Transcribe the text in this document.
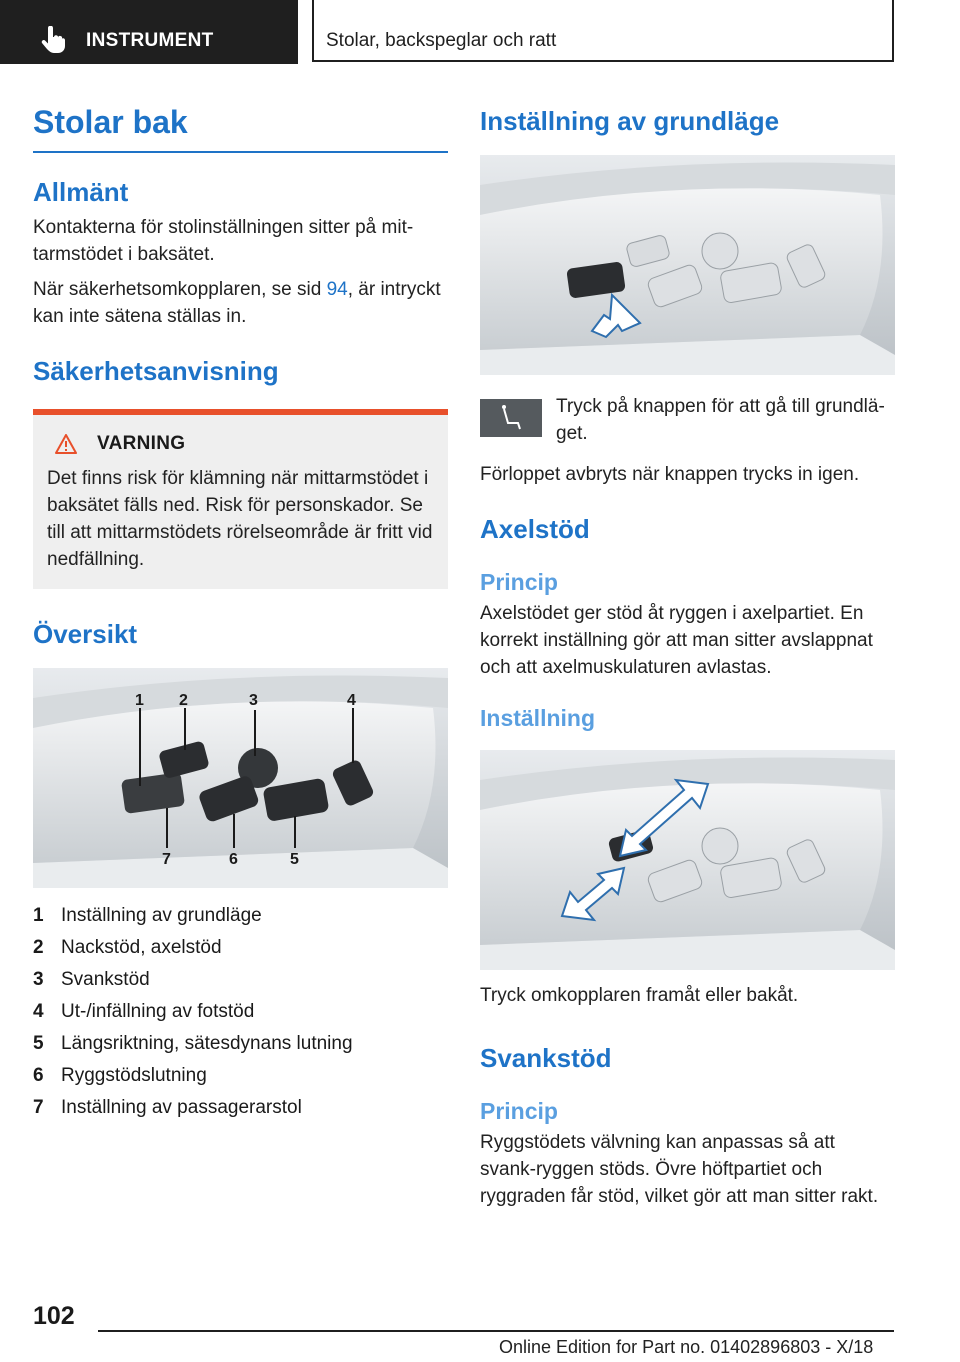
INSTRUMENT	Stolar, backspeglar och ratt
Stolar bak
Allmänt

Kontakterna för stolinställningen sitter på mit-tarmstödet i baksätet.

När säkerhetsomkopplaren, se sid 94, är intryckt kan inte sätena ställas in.

Säkerhetsanvisning
VARNING

Det finns risk för klämning när mittarmstödet i baksätet fälls ned. Risk för personskador. Se till att mittarmstödets rörelseområde är fritt vid nedfällning.

Översikt
1 2	3	4
7	6	5
1 Inställning av grundläge
2 Nackstöd, axelstöd
3 Svankstöd
4 Ut-/infällning av fotstöd
5 Längsriktning, sätesdynans lutning
6 Ryggstödslutning
7 Inställning av passagerarstol
Inställning av grundläge

Tryck på knappen för att gå till grundlä-get.

Förloppet avbryts när knappen trycks in igen.

Axelstöd
Princip

Axelstödet ger stöd åt ryggen i axelpartiet. En korrekt inställning gör att man sitter avslappnat och att axelmuskulaturen avlastas.

Inställning

Tryck omkopplaren framåt eller bakåt.

Svankstöd
Princip

Ryggstödets välvning kan anpassas så att svank-ryggen stöds. Övre höftpartiet och ryggraden får stöd, vilket gör att man sitter rakt.

102
Online Edition for Part no. 01402896803 - X/18
